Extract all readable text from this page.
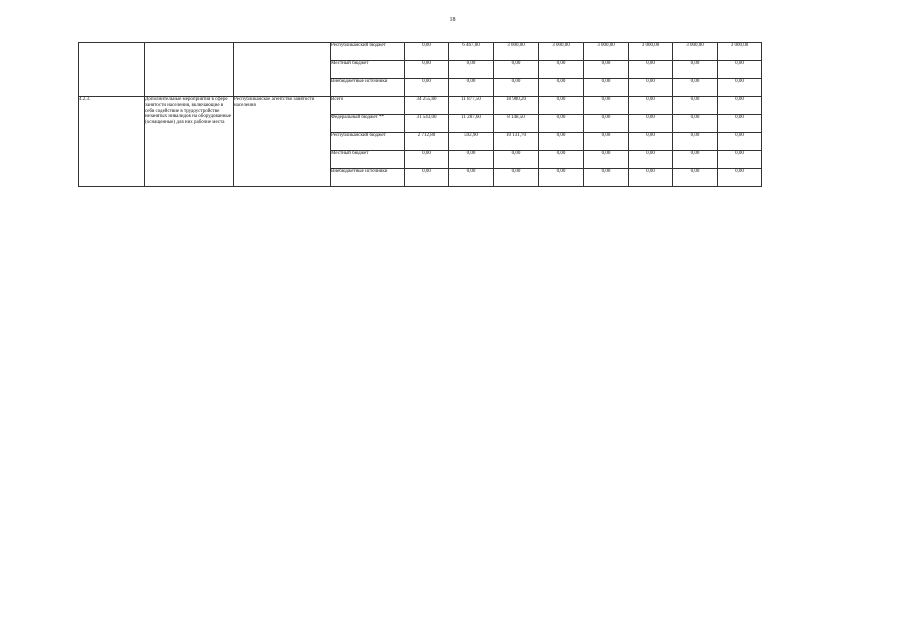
18
			Республиканский бюджет	0,00	6 467,00	3 000,00	3 000,00	3 000,00	3 000,00	3 000,00	3 000,00
			Местный бюджет	0,00	0,00	0,00	0,00	0,00	0,00	0,00	0,00
			Внебюджетные источники	0,00	0,00	0,00	0,00	0,00	0,00	0,00	0,00
4.2.3.	Дополнительные мероприятия в сфере занятости населения, включающие в себя содействие в трудоустройстве незанятых инвалидов на оборудованные (оснащенные) для них рабочие места	Республиканское агентство занятости населения	Всего	34 255,80	11 877,50	18 980,20	0,00	0,00	0,00	0,00	0,00
			Федеральный бюджет **	31 543,00	11 287,60	8 148,50	0,00	0,00	0,00	0,00	0,00
			Республиканский бюджет	2 712,80	592,90	10 131,70	0,00	0,00	0,00	0,00	0,00
			Местный бюджет	0,00	0,00	0,00	0,00	0,00	0,00	0,00	0,00
			Внебюджетные источники	0,00	0,00	0,00	0,00	0,00	0,00	0,00	0,00
